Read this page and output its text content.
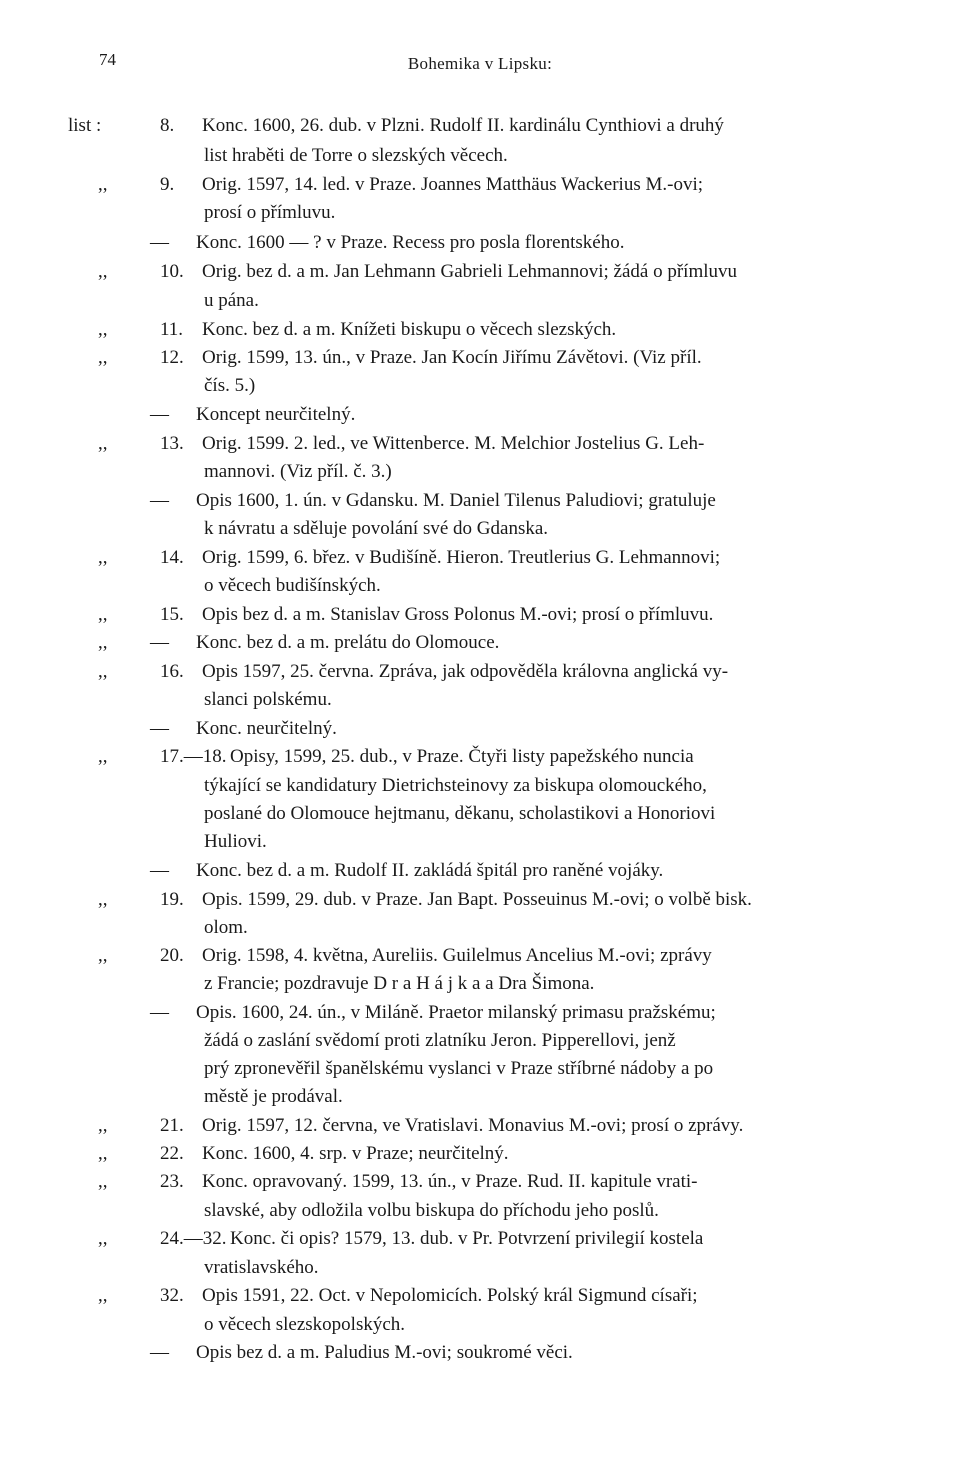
74	Bohemika v Lipsku:
list :	8. Konc. 1600, 26. dub. v Plzni. Rudolf II. kardinálu Cynthiovi a druhý
list hraběti de Torre o slezských věcech.
,,	9. Orig. 1597, 14. led. v Praze. Joannes Matthäus Wackerius M.-ovi;
prosí o přímluvu.
— Konc. 1600 — ? v Praze. Recess pro posla florentského.
,,	10. Orig. bez d. a m. Jan Lehmann Gabrieli Lehmannovi; žádá o přímluvu
u pána.
,,	11. Konc. bez d. a m. Knížeti biskupu o věcech slezských.
,,	12. Orig. 1599, 13. ún., v Praze. Jan Kocín Jiřímu Závětovi. (Viz příl.
čís. 5.)
— Koncept neurčitelný.
,,	13. Orig. 1599. 2. led., ve Wittenberce. M. Melchior Jostelius G. Leh-
mannovi. (Viz příl. č. 3.)
— Opis 1600, 1. ún. v Gdansku. M. Daniel Tilenus Paludiovi; gratuluje
k návratu a sděluje povolání své do Gdanska.
,,	14. Orig. 1599, 6. břez. v Budišíně. Hieron. Treutlerius G. Lehmannovi;
o věcech budišínských.
,,	15. Opis bez d. a m. Stanislav Gross Polonus M.-ovi; prosí o přímluvu.
,, — Konc. bez d. a m. prelátu do Olomouce.
,,	16. Opis 1597, 25. června. Zpráva, jak odpověděla královna anglická vy-
slanci polskému.
— Konc. neurčitelný.
,,	17.—18. Opisy, 1599, 25. dub., v Praze. Čtyři listy papežského nuncia
týkající se kandidatury Dietrichsteinovy za biskupa olomouckého,
poslané do Olomouce hejtmanu, děkanu, scholastikovi a Honoriovi
Huliovi.
— Konc. bez d. a m. Rudolf II. zakládá špitál pro raněné vojáky.
,,	19. Opis. 1599, 29. dub. v Praze. Jan Bapt. Posseuinus M.-ovi; o volbě bisk.
olom.
,,	20. Orig. 1598, 4. května, Aureliis. Guilelmus Ancelius M.-ovi; zprávy
z Francie; pozdravuje D r a H á j k a a Dra Šimona.
— Opis. 1600, 24. ún., v Miláně. Praetor milanský primasu pražskému;
žádá o zaslání svědomí proti zlatníku Jeron. Pipperellovi, jenž
prý zpronevěřil španělskému vyslanci v Praze stříbrné nádoby a po
městě je prodával.
,,	21. Orig. 1597, 12. června, ve Vratislavi. Monavius M.-ovi; prosí o zprávy.
,,	22. Konc. 1600, 4. srp. v Praze; neurčitelný.
,,	23. Konc. opravovaný. 1599, 13. ún., v Praze. Rud. II. kapitule vrati-
slavské, aby odložila volbu biskupa do příchodu jeho poslů.
,,	24.—32. Konc. či opis? 1579, 13. dub. v Pr. Potvrzení privilegií kostela
vratislavského.
,,	32. Opis 1591, 22. Oct. v Nepolomicích. Polský král Sigmund císaři;
o věcech slezskopolských.
— Opis bez d. a m. Paludius M.-ovi; soukromé věci.
